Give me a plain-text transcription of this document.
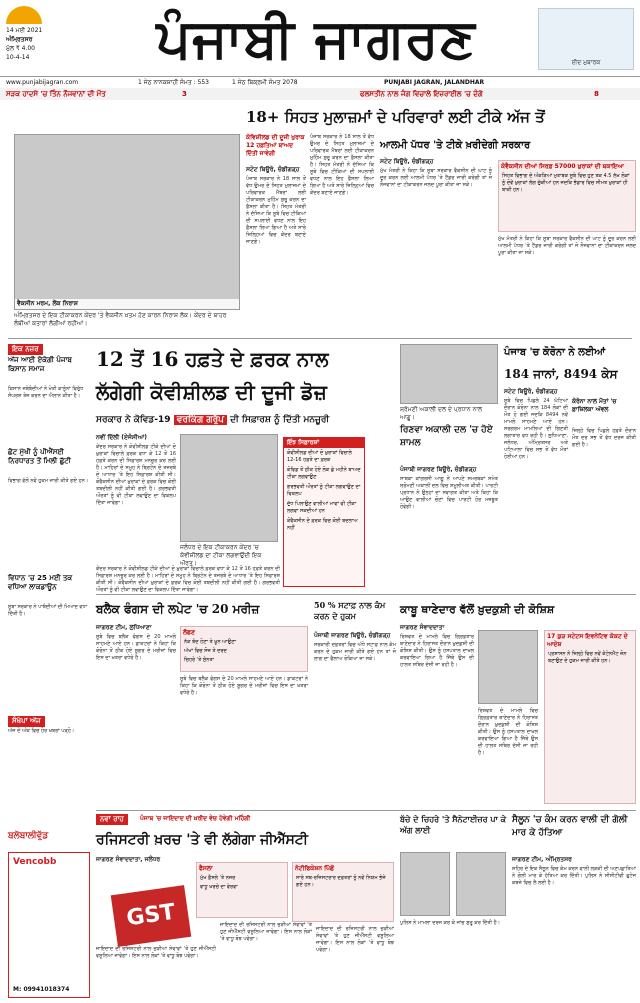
14 ਮਈ 2021
ਅੰਮ੍ਰਿਤਸਰ
ਮੁੱਲ ₹ 4.00
10-4-14	ਪੰਜਾਬੀ ਜਾਗਰਣ	ਈਦ ਮੁਬਾਰਕ
www.punjabijagran.com	1 ਜੇਠ ਨਾਨਕਸ਼ਾਹੀ ਸੰਮਤ : 553	1 ਜੇਠ ਬਿਕ੍ਰਮੀ ਸੰਮਤ 2078	PUNJABI JAGRAN, JALANDHAR
ਸੜਕ ਹਾਦਸੇ 'ਚ ਤਿੰਨ ਨੌਜਵਾਨਾਂ ਦੀ ਮੌਤ	3	ਫਲਸਤੀਨ ਨਾਲ ਜੰਗ ਵਿਚਾਲੇ ਇਜ਼ਰਾਈਲ 'ਚ ਦੰਗੇ	8
ਵੈਕਸੀਨ ਮਰਮ, ਲੋਕ ਨਿਰਾਸ਼
ਅੰਮ੍ਰਿਤਸਰ ਦੇ ਇਕ ਟੀਕਾਕਰਨ ਕੇਂਦਰ 'ਤੇ ਵੈਕਸੀਨ ਖ਼ਤਮ ਹੋਣ ਕਾਰਨ ਨਿਰਾਸ਼ ਲੋਕ। ਕੇਂਦਰ ਦੇ ਬਾਹਰ ਲੰਬੀਆਂ ਕਤਾਰਾਂ ਲੱਗੀਆਂ ਰਹੀਆਂ।
18+ ਸਿਹਤ ਮੁਲਾਜ਼ਮਾਂ ਦੇ ਪਰਿਵਾਰਾਂ ਲਈ ਟੀਕੇ ਅੱਜ ਤੋਂ
ਕੋਵਿਸ਼ੀਲਡ ਦੀ ਦੂਜੀ ਖੁਰਾਕ 12 ਹਫ਼ਤਿਆਂ ਬਾਅਦ ਦਿੱਤੀ ਜਾਵੇਗੀ
ਸਟੇਟ ਬਿਊਰੋ, ਚੰਡੀਗੜ੍ਹ
ਪੰਜਾਬ ਸਰਕਾਰ ਨੇ 18 ਸਾਲ ਤੋਂ ਵੱਧ ਉਮਰ ਦੇ ਸਿਹਤ ਮੁਲਾਜ਼ਮਾਂ ਦੇ ਪਰਿਵਾਰਕ ਮੈਂਬਰਾਂ ਲਈ ਟੀਕਾਕਰਨ ਮੁਹਿੰਮ ਸ਼ੁਰੂ ਕਰਨ ਦਾ ਫ਼ੈਸਲਾ ਕੀਤਾ ਹੈ। ਸਿਹਤ ਮੰਤਰੀ ਨੇ ਦੱਸਿਆ ਕਿ ਸੂਬੇ ਵਿਚ ਟੀਕਿਆਂ ਦੀ ਸਪਲਾਈ ਵਧਣ ਨਾਲ ਇਹ ਫ਼ੈਸਲਾ ਲਿਆ ਗਿਆ ਹੈ ਅਤੇ ਸਾਰੇ ਜ਼ਿਲ੍ਹਿਆਂ ਵਿਚ ਕੇਂਦਰ ਬਣਾਏ ਜਾਣਗੇ।
ਪੰਜਾਬ ਸਰਕਾਰ ਨੇ 18 ਸਾਲ ਤੋਂ ਵੱਧ ਉਮਰ ਦੇ ਸਿਹਤ ਮੁਲਾਜ਼ਮਾਂ ਦੇ ਪਰਿਵਾਰਕ ਮੈਂਬਰਾਂ ਲਈ ਟੀਕਾਕਰਨ ਮੁਹਿੰਮ ਸ਼ੁਰੂ ਕਰਨ ਦਾ ਫ਼ੈਸਲਾ ਕੀਤਾ ਹੈ। ਸਿਹਤ ਮੰਤਰੀ ਨੇ ਦੱਸਿਆ ਕਿ ਸੂਬੇ ਵਿਚ ਟੀਕਿਆਂ ਦੀ ਸਪਲਾਈ ਵਧਣ ਨਾਲ ਇਹ ਫ਼ੈਸਲਾ ਲਿਆ ਗਿਆ ਹੈ ਅਤੇ ਸਾਰੇ ਜ਼ਿਲ੍ਹਿਆਂ ਵਿਚ ਕੇਂਦਰ ਬਣਾਏ ਜਾਣਗੇ।
ਆਲਮੀ ਪੱਧਰ 'ਤੇ ਟੀਕੇ ਖ਼ਰੀਦੇਗੀ ਸਰਕਾਰ
ਸਟੇਟ ਬਿਊਰੋ, ਚੰਡੀਗੜ੍ਹ
ਮੁੱਖ ਮੰਤਰੀ ਨੇ ਕਿਹਾ ਕਿ ਸੂਬਾ ਸਰਕਾਰ ਵੈਕਸੀਨ ਦੀ ਘਾਟ ਨੂੰ ਦੂਰ ਕਰਨ ਲਈ ਆਲਮੀ ਪੱਧਰ 'ਤੇ ਟੈਂਡਰ ਜਾਰੀ ਕਰੇਗੀ ਤਾਂ ਜੋ ਨੌਜਵਾਨਾਂ ਦਾ ਟੀਕਾਕਰਨ ਜਲਦ ਪੂਰਾ ਕੀਤਾ ਜਾ ਸਕੇ।
ਕੋਵੈਕਸੀਨ ਦੀਆਂ ਸਿਰਫ਼ 57000 ਖ਼ੁਰਾਕਾਂ ਦੀ ਬਕਾਇਆ
ਸਿਹਤ ਵਿਭਾਗ ਦੇ ਅੰਕੜਿਆਂ ਮੁਤਾਬਕ ਸੂਬੇ ਵਿਚ ਹੁਣ ਤਕ 4.5 ਲੱਖ ਲੋਕਾਂ ਨੂੰ ਦੋਵੇਂ ਖ਼ੁਰਾਕਾਂ ਲੱਗ ਚੁੱਕੀਆਂ ਹਨ ਜਦਕਿ ਭੰਡਾਰ ਵਿਚ ਸੀਮਤ ਖ਼ੁਰਾਕਾਂ ਹੀ ਬਾਕੀ ਹਨ।
ਮੁੱਖ ਮੰਤਰੀ ਨੇ ਕਿਹਾ ਕਿ ਸੂਬਾ ਸਰਕਾਰ ਵੈਕਸੀਨ ਦੀ ਘਾਟ ਨੂੰ ਦੂਰ ਕਰਨ ਲਈ ਆਲਮੀ ਪੱਧਰ 'ਤੇ ਟੈਂਡਰ ਜਾਰੀ ਕਰੇਗੀ ਤਾਂ ਜੋ ਨੌਜਵਾਨਾਂ ਦਾ ਟੀਕਾਕਰਨ ਜਲਦ ਪੂਰਾ ਕੀਤਾ ਜਾ ਸਕੇ।
ਇਕ ਨਜ਼ਰ
ਅੱਜ ਆਈ ਏਕੇਗੀ ਪੰਜਾਬ ਕਿਸਾਨ ਸਮਾਜ
ਕਿਸਾਨ ਜਥੇਬੰਦੀਆਂ ਨੇ ਖੇਤੀ ਕਾਨੂੰਨਾਂ ਵਿਰੁੱਧ ਸੰਘਰਸ਼ ਤੇਜ਼ ਕਰਨ ਦਾ ਐਲਾਨ ਕੀਤਾ ਹੈ।
ਛੋਟ ਮੁੱਖੀ ਨੂੰ ਪੀਐੱਸਈ ਨਿਰਧਾਰਤ ਤੋਂ ਮਿਲੀ ਛੁੱਟੀ
ਵਿਭਾਗ ਵੱਲੋਂ ਨਵੇਂ ਹੁਕਮ ਜਾਰੀ ਕੀਤੇ ਗਏ ਹਨ।
ਵਿਧਾਨ 'ਚ 25 ਮਈ ਤਕ ਵਧਿਆ ਲਾਕਡਾਊਨ
ਸੂਬਾ ਸਰਕਾਰ ਨੇ ਪਾਬੰਦੀਆਂ ਦੀ ਮਿਆਦ ਵਧਾ ਦਿੱਤੀ ਹੈ।
ਸੰਖੇਪਾਂ ਅੱਜ
ਅੱਜ ਦੇ ਅੰਕ ਵਿਚ ਹੋਰ ਖ਼ਬਰਾਂ ਪੜ੍ਹੋ।
ਬਲੋਬਾਲੀਵੁੱਡ
12 ਤੋਂ 16 ਹਫ਼ਤੇ ਦੇ ਫ਼ਰਕ ਨਾਲ
ਲੱਗੇਗੀ ਕੋਵੀਸ਼ੀਲਡ ਦੀ ਦੂਜੀ ਡੋਜ਼
ਸਰਕਾਰ ਨੇ ਕੋਵਿਡ-19 ਵਰਕਿੰਗ ਗਰੁੱਪ ਦੀ ਸਿਫ਼ਾਰਸ਼ ਨੂੰ ਦਿੱਤੀ ਮਨਜ਼ੂਰੀ
ਨਵੀਂ ਦਿੱਲੀ (ਏਜੰਸੀਆਂ)
ਕੇਂਦਰ ਸਰਕਾਰ ਨੇ ਕੋਵੀਸ਼ੀਲਡ ਟੀਕੇ ਦੀਆਂ ਦੋ ਖ਼ੁਰਾਕਾਂ ਵਿਚਾਲੇ ਫ਼ਰਕ ਵਧਾ ਕੇ 12 ਤੋਂ 16 ਹਫ਼ਤੇ ਕਰਨ ਦੀ ਸਿਫ਼ਾਰਸ਼ ਮਨਜ਼ੂਰ ਕਰ ਲਈ ਹੈ। ਮਾਹਿਰਾਂ ਦੇ ਸਮੂਹ ਨੇ ਬ੍ਰਿਟੇਨ ਦੇ ਤਜਰਬੇ ਦੇ ਆਧਾਰ 'ਤੇ ਇਹ ਸਿਫ਼ਾਰਸ਼ ਕੀਤੀ ਸੀ। ਕੋਵੈਕਸੀਨ ਦੀਆਂ ਖ਼ੁਰਾਕਾਂ ਦੇ ਫ਼ਰਕ ਵਿਚ ਕੋਈ ਤਬਦੀਲੀ ਨਹੀਂ ਕੀਤੀ ਗਈ ਹੈ। ਗਰਭਵਤੀ ਔਰਤਾਂ ਨੂੰ ਵੀ ਟੀਕਾ ਲਵਾਉਣ ਦਾ ਵਿਕਲਪ ਦਿੱਤਾ ਜਾਵੇਗਾ।
ਜਲੰਧਰ ਦੇ ਇਕ ਟੀਕਾਕਰਨ ਕੇਂਦਰ 'ਚ ਕੋਵੀਸ਼ੀਲਡ ਦਾ ਟੀਕਾ ਲਗਵਾਉਂਦੀ ਇਕ ਔਰਤ।
ਕੇਂਦਰ ਸਰਕਾਰ ਨੇ ਕੋਵੀਸ਼ੀਲਡ ਟੀਕੇ ਦੀਆਂ ਦੋ ਖ਼ੁਰਾਕਾਂ ਵਿਚਾਲੇ ਫ਼ਰਕ ਵਧਾ ਕੇ 12 ਤੋਂ 16 ਹਫ਼ਤੇ ਕਰਨ ਦੀ ਸਿਫ਼ਾਰਸ਼ ਮਨਜ਼ੂਰ ਕਰ ਲਈ ਹੈ। ਮਾਹਿਰਾਂ ਦੇ ਸਮੂਹ ਨੇ ਬ੍ਰਿਟੇਨ ਦੇ ਤਜਰਬੇ ਦੇ ਆਧਾਰ 'ਤੇ ਇਹ ਸਿਫ਼ਾਰਸ਼ ਕੀਤੀ ਸੀ। ਕੋਵੈਕਸੀਨ ਦੀਆਂ ਖ਼ੁਰਾਕਾਂ ਦੇ ਫ਼ਰਕ ਵਿਚ ਕੋਈ ਤਬਦੀਲੀ ਨਹੀਂ ਕੀਤੀ ਗਈ ਹੈ। ਗਰਭਵਤੀ ਔਰਤਾਂ ਨੂੰ ਵੀ ਟੀਕਾ ਲਵਾਉਣ ਦਾ ਵਿਕਲਪ ਦਿੱਤਾ ਜਾਵੇਗਾ।
ਇੰਝ ਸਿਫ਼ਾਰਸ਼ਾਂ
ਕੋਵੀਸ਼ੀਲਡ ਦੀਆਂ ਦੋ ਖ਼ੁਰਾਕਾਂ ਵਿਚਾਲੇ 12-16 ਹਫ਼ਤੇ ਦਾ ਫ਼ਰਕ
ਕੋਵਿਡ ਤੋਂ ਠੀਕ ਹੋਏ ਲੋਕ ਛੇ ਮਹੀਨੇ ਬਾਅਦ ਟੀਕਾ ਲਗਵਾਉਣ
ਗਰਭਵਤੀ ਔਰਤਾਂ ਨੂੰ ਟੀਕਾ ਲਗਵਾਉਣ ਦਾ ਵਿਕਲਪ
ਦੁੱਧ ਪਿਲਾਉਣ ਵਾਲੀਆਂ ਮਾਵਾਂ ਵੀ ਟੀਕਾ ਲਗਵਾ ਸਕਦੀਆਂ ਹਨ
ਕੋਵੈਕਸੀਨ ਦੇ ਫ਼ਰਕ ਵਿਚ ਕੋਈ ਬਦਲਾਅ ਨਹੀਂ
ਸ਼੍ਰੋਮਣੀ ਅਕਾਲੀ ਦਲ ਦੇ ਪ੍ਰਧਾਨ ਨਾਲ ਆਗੂ।
ਰਿਣਵਾ ਅਕਾਲੀ ਦਲ 'ਚ ਹੋਏ ਸ਼ਾਮਲ
ਪੰਜਾਬੀ ਜਾਗਰਣ ਬਿਊਰੋ, ਚੰਡੀਗੜ੍ਹ
ਸਾਬਕਾ ਕਾਂਗਰਸੀ ਆਗੂ ਨੇ ਆਪਣੇ ਸਮਰਥਕਾਂ ਸਮੇਤ ਸ਼੍ਰੋਮਣੀ ਅਕਾਲੀ ਦਲ ਵਿਚ ਸ਼ਮੂਲੀਅਤ ਕੀਤੀ। ਪਾਰਟੀ ਪ੍ਰਧਾਨ ਨੇ ਉਨ੍ਹਾਂ ਦਾ ਸਵਾਗਤ ਕੀਤਾ ਅਤੇ ਕਿਹਾ ਕਿ ਆਉਣ ਵਾਲੀਆਂ ਚੋਣਾਂ ਵਿਚ ਪਾਰਟੀ ਹੋਰ ਮਜ਼ਬੂਤ ਹੋਵੇਗੀ।
ਪੰਜਾਬ 'ਚ ਕੋਰੋਨਾ ਨੇ ਲਈਆਂ
184 ਜਾਨਾਂ, 8494 ਕੇਸ
ਸਟੇਟ ਬਿਊਰੋ, ਚੰਡੀਗੜ੍ਹ
ਸੂਬੇ ਵਿਚ ਪਿਛਲੇ 24 ਘੰਟਿਆਂ ਦੌਰਾਨ ਕੋਰੋਨਾ ਨਾਲ 184 ਲੋਕਾਂ ਦੀ ਮੌਤ ਹੋ ਗਈ ਜਦਕਿ 8494 ਨਵੇਂ ਮਾਮਲੇ ਸਾਹਮਣੇ ਆਏ ਹਨ। ਸਰਗਰਮ ਮਾਮਲਿਆਂ ਦੀ ਗਿਣਤੀ ਲਗਾਤਾਰ ਵਧ ਰਹੀ ਹੈ। ਲੁਧਿਆਣਾ, ਜਲੰਧਰ, ਅੰਮ੍ਰਿਤਸਰ ਅਤੇ ਪਟਿਆਲਾ ਵਿਚ ਸਭ ਤੋਂ ਵੱਧ ਮੌਤਾਂ ਹੋਈਆਂ ਹਨ।
ਕੋਰੋਨਾ ਨਾਲ ਮੌਤਾਂ 'ਚ ਫ਼ਾਜ਼ਿਲਕਾ ਅੱਵਲ
ਜ਼ਿਲ੍ਹੇ ਵਿਚ ਪਿਛਲੇ ਹਫ਼ਤੇ ਦੌਰਾਨ ਮੌਤ ਦਰ ਸਭ ਤੋਂ ਵੱਧ ਦਰਜ ਕੀਤੀ ਗਈ ਹੈ।
ਬਲੈਕ ਫੰਗਸ ਦੀ ਲਪੇਟ 'ਚ 20 ਮਰੀਜ਼
ਜਾਗਰਣ ਟੀਮ, ਲੁਧਿਆਣਾ
ਸੂਬੇ ਵਿਚ ਬਲੈਕ ਫੰਗਸ ਦੇ 20 ਮਾਮਲੇ ਸਾਹਮਣੇ ਆਏ ਹਨ। ਡਾਕਟਰਾਂ ਨੇ ਕਿਹਾ ਕਿ ਕੋਰੋਨਾ ਤੋਂ ਠੀਕ ਹੋਏ ਸ਼ੂਗਰ ਦੇ ਮਰੀਜ਼ਾਂ ਵਿਚ ਇਸ ਦਾ ਖ਼ਤਰਾ ਵਧੇਰੇ ਹੈ।
ਲੱਛਣ
ਨੱਕ ਬੰਦ ਹੋਣਾ ਤੇ ਖ਼ੂਨ ਆਉਣਾ
ਅੱਖਾਂ ਵਿਚ ਸੋਜ਼ ਤੇ ਦਰਦ
ਚਿਹਰੇ 'ਤੇ ਸੁੰਨਤਾ
ਸੂਬੇ ਵਿਚ ਬਲੈਕ ਫੰਗਸ ਦੇ 20 ਮਾਮਲੇ ਸਾਹਮਣੇ ਆਏ ਹਨ। ਡਾਕਟਰਾਂ ਨੇ ਕਿਹਾ ਕਿ ਕੋਰੋਨਾ ਤੋਂ ਠੀਕ ਹੋਏ ਸ਼ੂਗਰ ਦੇ ਮਰੀਜ਼ਾਂ ਵਿਚ ਇਸ ਦਾ ਖ਼ਤਰਾ ਵਧੇਰੇ ਹੈ।
50 % ਸਟਾਫ਼ ਨਾਲ ਕੰਮ ਕਰਨ ਦੇ ਹੁਕਮ
ਪੰਜਾਬੀ ਜਾਗਰਣ ਬਿਊਰੋ, ਚੰਡੀਗੜ੍ਹ
ਸਰਕਾਰੀ ਦਫ਼ਤਰਾਂ ਵਿਚ ਅੱਧੇ ਸਟਾਫ਼ ਨਾਲ ਕੰਮ ਕਰਨ ਦੇ ਹੁਕਮ ਜਾਰੀ ਕੀਤੇ ਗਏ ਹਨ ਤਾਂ ਜੋ ਲਾਗ ਦਾ ਫੈਲਾਅ ਰੋਕਿਆ ਜਾ ਸਕੇ।
ਕਾਬੂ ਥਾਣੇਦਾਰ ਵੱਲੋਂ ਖ਼ੁਦਕੁਸ਼ੀ ਦੀ ਕੋਸ਼ਿਸ਼
ਜਾਗਰਣ ਸੰਵਾਦਦਾਤਾ
ਰਿਸ਼ਵਤ ਦੇ ਮਾਮਲੇ ਵਿਚ ਗ੍ਰਿਫ਼ਤਾਰ ਥਾਣੇਦਾਰ ਨੇ ਹਿਰਾਸਤ ਦੌਰਾਨ ਖ਼ੁਦਕੁਸ਼ੀ ਦੀ ਕੋਸ਼ਿਸ਼ ਕੀਤੀ। ਉਸ ਨੂੰ ਹਸਪਤਾਲ ਦਾਖ਼ਲ ਕਰਵਾਇਆ ਗਿਆ ਹੈ ਜਿੱਥੇ ਉਸ ਦੀ ਹਾਲਤ ਸਥਿਰ ਦੱਸੀ ਜਾ ਰਹੀ ਹੈ।
ਰਿਸ਼ਵਤ ਦੇ ਮਾਮਲੇ ਵਿਚ ਗ੍ਰਿਫ਼ਤਾਰ ਥਾਣੇਦਾਰ ਨੇ ਹਿਰਾਸਤ ਦੌਰਾਨ ਖ਼ੁਦਕੁਸ਼ੀ ਦੀ ਕੋਸ਼ਿਸ਼ ਕੀਤੀ। ਉਸ ਨੂੰ ਹਸਪਤਾਲ ਦਾਖ਼ਲ ਕਰਵਾਇਆ ਗਿਆ ਹੈ ਜਿੱਥੇ ਉਸ ਦੀ ਹਾਲਤ ਸਥਿਰ ਦੱਸੀ ਜਾ ਰਹੀ ਹੈ।
17 ਕੁੜ ਸਟੇਟਸ ਇਵਨੋਟਿਵ ਕੋਕਟ ਦੇ ਆਦੇਸ਼
ਪ੍ਰਸ਼ਾਸਨ ਨੇ ਜ਼ਿਲ੍ਹੇ ਵਿਚ ਨਵੇਂ ਕੰਟੇਨਮੈਂਟ ਜ਼ੋਨ ਬਣਾਉਣ ਦੇ ਹੁਕਮ ਜਾਰੀ ਕੀਤੇ ਹਨ।
ਨਵਾਂ ਰਾਹ	ਪੰਜਾਬ 'ਚ ਜਾਇਦਾਦ ਦੀ ਖ਼ਰੀਦ ਵੇਚ ਹੋਵੇਗੀ ਮਹਿੰਗੀ
ਰਜਿਸਟਰੀ ਖ਼ਰਚ 'ਤੇ ਵੀ ਲੱਗੇਗਾ ਜੀਐੱਸਟੀ
ਜਾਗਰਣ ਸੰਵਾਦਦਾਤਾ, ਜਲੰਧਰ
GST
ਜਾਇਦਾਦ ਦੀ ਰਜਿਸਟਰੀ ਨਾਲ ਜੁੜੀਆਂ ਸੇਵਾਵਾਂ 'ਤੇ ਹੁਣ ਜੀਐੱਸਟੀ ਵਸੂਲਿਆ ਜਾਵੇਗਾ। ਇਸ ਨਾਲ ਲੋਕਾਂ 'ਤੇ ਵਾਧੂ ਬੋਝ ਪਵੇਗਾ।
ਫੈਸਲਾ
ਮੁੱਖ ਫ਼ੈਸਲੇ 'ਤੇ ਨਜ਼ਰ
ਵਾਧੂ ਖ਼ਰਚੇ ਦਾ ਵੇਰਵਾ
ਜਾਇਦਾਦ ਦੀ ਰਜਿਸਟਰੀ ਨਾਲ ਜੁੜੀਆਂ ਸੇਵਾਵਾਂ 'ਤੇ ਹੁਣ ਜੀਐੱਸਟੀ ਵਸੂਲਿਆ ਜਾਵੇਗਾ। ਇਸ ਨਾਲ ਲੋਕਾਂ 'ਤੇ ਵਾਧੂ ਬੋਝ ਪਵੇਗਾ।
ਨੋਟੀਫਿਕੇਸ਼ਨ ਪਿੱਛੋਂ
ਸਾਰੇ ਸਬ-ਰਜਿਸਟਰਾਰ ਦਫ਼ਤਰਾਂ ਨੂੰ ਨਵੇਂ ਨਿਯਮ ਭੇਜੇ ਗਏ ਹਨ।
ਜਾਇਦਾਦ ਦੀ ਰਜਿਸਟਰੀ ਨਾਲ ਜੁੜੀਆਂ ਸੇਵਾਵਾਂ 'ਤੇ ਹੁਣ ਜੀਐੱਸਟੀ ਵਸੂਲਿਆ ਜਾਵੇਗਾ। ਇਸ ਨਾਲ ਲੋਕਾਂ 'ਤੇ ਵਾਧੂ ਬੋਝ ਪਵੇਗਾ।
ਬੱਚੇ ਦੇ ਚਿਹਰੇ 'ਤੇ ਸੈਨੇਟਾਈਜ਼ਰ ਪਾ ਕੇ ਅੱਗ ਲਾਈ
ਪੁਲਿਸ ਨੇ ਮਾਮਲਾ ਦਰਜ ਕਰ ਕੇ ਜਾਂਚ ਸ਼ੁਰੂ ਕਰ ਦਿੱਤੀ ਹੈ।
ਸੈਲੂਨ 'ਚ ਕੰਮ ਕਰਨ ਵਾਲੀ ਦੀ ਗੋਲੀ ਮਾਰ ਕੇ ਹੱਤਿਆ
ਜਾਗਰਣ ਟੀਮ, ਅੰਮ੍ਰਿਤਸਰ
ਸ਼ਹਿਰ ਦੇ ਇਕ ਸੈਲੂਨ ਵਿਚ ਕੰਮ ਕਰਨ ਵਾਲੀ ਲੜਕੀ ਦੀ ਅਣਪਛਾਤਿਆਂ ਨੇ ਗੋਲੀ ਮਾਰ ਕੇ ਹੱਤਿਆ ਕਰ ਦਿੱਤੀ। ਪੁਲਿਸ ਨੇ ਸੀਸੀਟੀਵੀ ਫੁਟੇਜ ਕਬਜ਼ੇ ਵਿਚ ਲੈ ਲਈ ਹੈ।
Vencobb
M: 09941018374
